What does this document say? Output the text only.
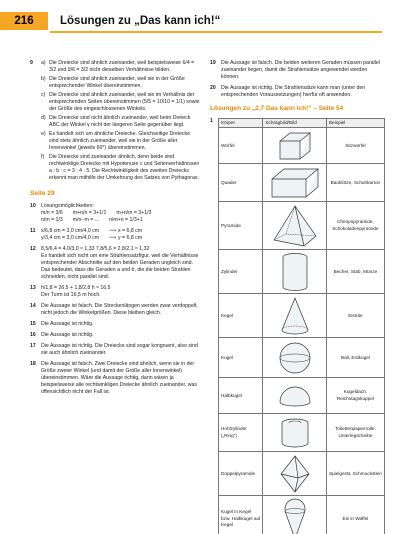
216	Lösungen zu „Das kann ich!“
9	a) Die Dreiecke sind ähnlich zueinander, weil beispielsweise 6/4 = 3/2 und 9/6 = 3/2 nicht dieselben Verhältnisse bilden.
b) Die Dreiecke sind ähnlich zueinander, weil sie in der Größe entsprechender Winkel übereinstimmen.
c) Die Dreiecke sind ähnlich zueinander, weil sie im Verhältnis der entsprechenden Seiten übereinstimmen (5/5 = 10/10 = 1/1) sowie der Größe des eingeschlossenen Winkels.
d) Die Dreiecke sind nicht ähnlich zueinander, weil beim Dreieck ABC der Winkel γ nicht der längeren Seite gegenüber liegt.
e) Es handelt sich um ähnliche Dreiecke. Gleichseitige Dreiecke sind stets ähnlich zueinander, weil sie in der Größe aller Innenwinkel (jeweils 60°) übereinstimmen.
f) Die Dreiecke sind zueinander ähnlich, denn beide sind rechtwinklige Dreiecke mit Hypotenuse c und Seitenverhältnissen a : b : c = 3 : 4 : 5. Die Rechtwinkligkeit des zweiten Dreiecks erkennt man mithilfe der Umkehrung des Satzes von Pythagoras.
Seite 29
10	Lösungsmöglichkeiten:
m/n = 3/6 m+n/n = 3+1/1 m+n/m = 3+1/3
n/m = 1/3 m/n−m = ... n/m+n = 1/3+1
11	x/6,8 cm = 3,0 cm/4,0 cm ⟹ x = 6,8 cm
y/3,4 cm = 3,0 cm/4,0 cm ⟹ y = 6,8 cm
12	8,5/6,4 = 4,0/3,0 ≈ 1,33 7,8/5,6 = 2,8/2,1 ≈ 1,32
Es handelt sich nicht um eine Strahlensatzfigur, weil die Verhältnisse entsprechender Abschnitte auf den beiden Geraden ungleich sind. Das bedeutet, dass die Geraden a und b, die die beiden Strahlen schneiden, nicht parallel sind.
13	h/1,8 = 26,5 + 1,8/2,8 h ≈ 16,5
Der Turm ist 16,5 m hoch.
14	Die Aussage ist falsch. Die Streckenlängen werden zwar verdoppelt, nicht jedoch die Winkelgrößen. Diese bleiben gleich.
15	Die Aussage ist richtig.
16	Die Aussage ist richtig.
17	Die Aussage ist richtig. Die Dreiecke sind sogar kongruent, also sind sie auch ähnlich zueinander.
18	Die Aussage ist falsch. Zwei Dreiecke sind ähnlich, wenn sie in der Größe zweier Winkel (und damit der Größe aller Innenwinkel) übereinstimmen. Wäre die Aussage richtig, dann wären ja beispielsweise alle rechtwinkligen Dreiecke ähnlich zueinander, was offensichtlich nicht der Fall ist.
19	Die Aussage ist falsch. Die beiden weiteren Geraden müssen parallel zueinander liegen, damit die Strahlensätze angewendet werden können.
20	Die Aussage ist richtig. Die Strahlensätze kann man (unter den entsprechenden Voraussetzungen) hierfür oft anwenden.
Lösungen zu „2.7 Das kann ich!“ – Seite 54
1	Körper	Schrägbild/Bild	Beispiel
Würfel		Sitzwürfel
Quader		Bauklötze, Schuhkarton
Pyramide		Cheopspyramide, Schokoladenpyramide
Zylinder		Becher, Stab, Münze
Kegel		Eistüte
Kugel		Ball, Erdkugel
Halbkugel		Kugeldach, Reichstagskuppel
Hohlzylinder („Ring“)		Toilettenpapierrolle, Unterlegscheibe
Doppelpyramide		Spielgerät, Schmuckstein
Kugel in Kegel bzw. Halbkugel auf Kegel		Eis in Waffel
